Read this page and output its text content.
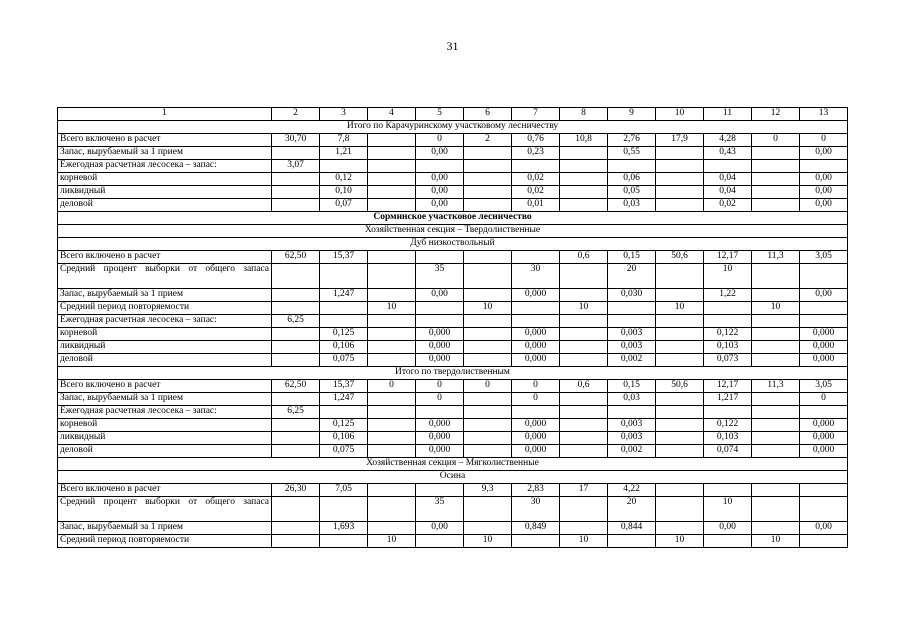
31
1	2	3	4	5	6	7	8	9	10	11	12	13
Итого по Карачуринскому участковому лесничеству												
Всего включено в расчет	30,70	7,8		0	2	0,76	10,8	2,76	17,9	4,28	0	0
Запас, вырубаемый за 1 прием		1,21		0,00		0,23		0,55		0,43		0,00
Ежегодная расчетная лесосека – запас:	3,07											
корневой		0,12		0,00		0,02		0,06		0,04		0,00
ликвидный		0,10		0,00		0,02		0,05		0,04		0,00
деловой		0,07		0,00		0,01		0,03		0,02		0,00
Сорминское участковое лесничество												
Хозяйственная секция – Твердолиственные												
Дуб низкоствольный												
Всего включено в расчет	62,50	15,37					0,6	0,15	50,6	12,17	11,3	3,05
Средний процент выборки от общего запаса				35		30		20		10		
Запас, вырубаемый за 1 прием		1,247		0,00		0,000		0,030		1,22		0,00
Средний период повторяемости			10		10		10		10		10	
Ежегодная расчетная лесосека – запас:	6,25											
корневой		0,125		0,000		0,000		0,003		0,122		0,000
ликвидный		0,106		0,000		0,000		0,003		0,103		0,000
деловой		0,075		0,000		0,000		0,002		0,073		0,000
Итого по твердолиственным												
Всего включено в расчет	62,50	15,37	0	0	0	0	0,6	0,15	50,6	12,17	11,3	3,05
Запас, вырубаемый за 1 прием		1,247		0		0		0,03		1,217		0
Ежегодная расчетная лесосека – запас:	6,25											
корневой		0,125		0,000		0,000		0,003		0,122		0,000
ликвидный		0,106		0,000		0,000		0,003		0,103		0,000
деловой		0,075		0,000		0,000		0,002		0,074		0,000
Хозяйственная секция – Мягколиственные												
Осина												
Всего включено в расчет	26,30	7,05			9,3	2,83	17	4,22				
Средний процент выборки от общего запаса				35		30		20		10		
Запас, вырубаемый за 1 прием		1,693		0,00		0,849		0,844		0,00		0,00
Средний период повторяемости			10		10		10		10		10	
